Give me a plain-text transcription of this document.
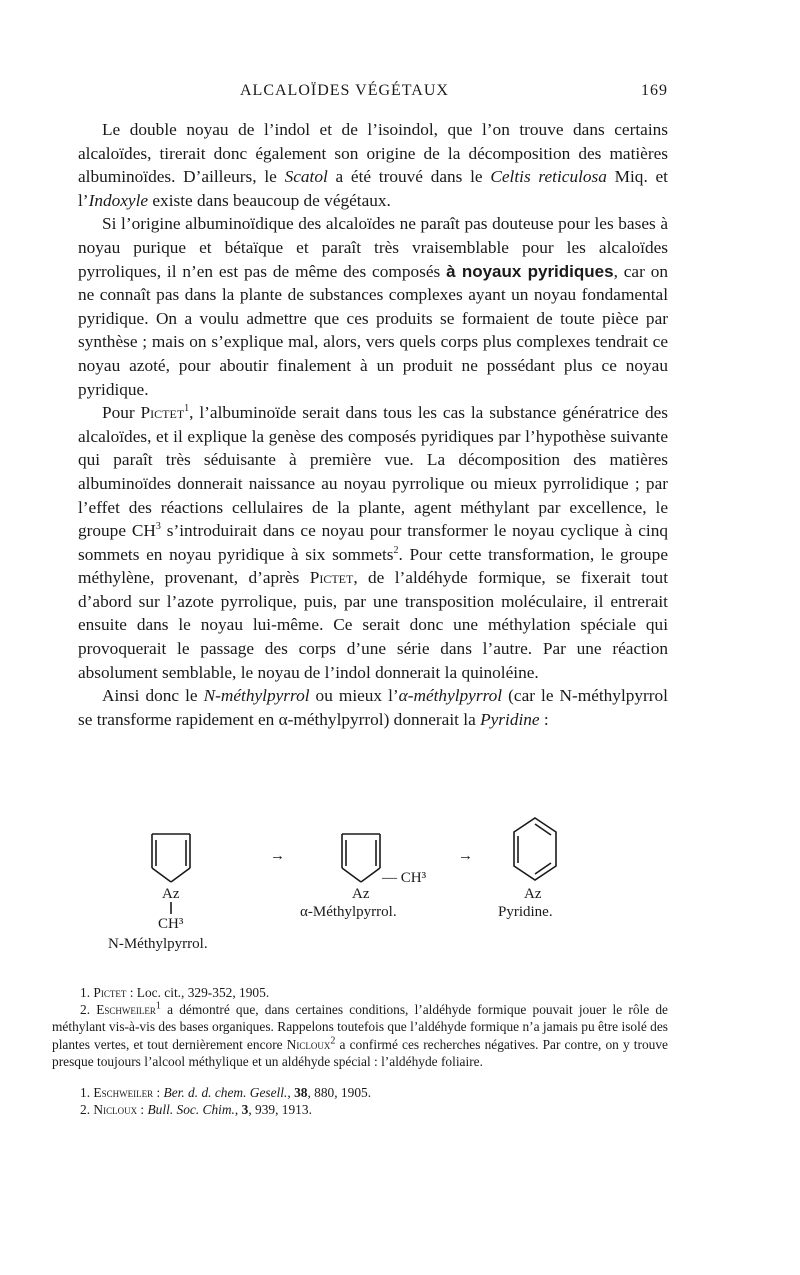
ALCALOÏDES VÉGÉTAUX	169

Le double noyau de l’indol et de l’isoindol, que l’on trouve dans certains alcaloïdes, tirerait donc également son origine de la décomposition des matières albuminoïdes. D’ailleurs, le Scatol a été trouvé dans le Celtis reticulosa Miq. et l’Indoxyle existe dans beaucoup de végétaux.

Si l’origine albuminoïdique des alcaloïdes ne paraît pas douteuse pour les bases à noyau purique et bétaïque et paraît très vraisemblable pour les alcaloïdes pyrroliques, il n’en est pas de même des composés à noyaux pyridiques, car on ne connaît pas dans la plante de substances complexes ayant un noyau fondamental pyridique. On a voulu admettre que ces produits se formaient de toute pièce par synthèse ; mais on s’explique mal, alors, vers quels corps plus complexes tendrait ce noyau azoté, pour aboutir finalement à un produit ne possédant plus ce noyau pyridique.

Pour Pictet$^1$, l’albuminoïde serait dans tous les cas la substance génératrice des alcaloïdes, et il explique la genèse des composés pyridiques par l’hypothèse suivante qui paraît très séduisante à première vue. La décomposition des matières albuminoïdes donnerait naissance au noyau pyrrolique ou mieux pyrrolidique ; par l’effet des réactions cellulaires de la plante, agent méthylant par excellence, le groupe $CH^3$ s’introduirait dans ce noyau pour transformer le noyau cyclique à cinq sommets en noyau pyridique à six sommets$^2$. Pour cette transformation, le groupe méthylène, provenant, d’après Pictet, de l’aldéhyde formique, se fixerait tout d’abord sur l’azote pyrrolique, puis, par une transposition moléculaire, il entrerait ensuite dans le noyau lui-même. Ce serait donc une méthylation spéciale qui provoquerait le passage des corps d’une série dans l’autre. Par une réaction absolument semblable, le noyau de l’indol donnerait la quinoléine.

Ainsi donc le N-méthylpyrrol ou mieux l’α-méthylpyrrol (car le N-méthylpyrrol se transforme rapidement en α-méthylpyrrol) donnerait la Pyridine :

→	→
Az
CH³
N-Méthylpyrrol.
Az
— CH³
α-Méthylpyrrol.
Az
Pyridine.

1. Pictet : Loc. cit., 329-352, 1905.

2. Eschweiler$^1$ a démontré que, dans certaines conditions, l’aldéhyde formique pouvait jouer le rôle de méthylant vis-à-vis des bases organiques. Rappelons toutefois que l’aldéhyde formique n’a jamais pu être isolé des plantes vertes, et tout dernièrement encore Nicloux$^2$ a confirmé ces recherches négatives. Par contre, on y trouve presque toujours l’alcool méthylique et un aldéhyde spécial : l’aldéhyde foliaire.

1. Eschweiler : Ber. d. d. chem. Gesell., 38, 880, 1905.

2. Nicloux : Bull. Soc. Chim., 3, 939, 1913.
